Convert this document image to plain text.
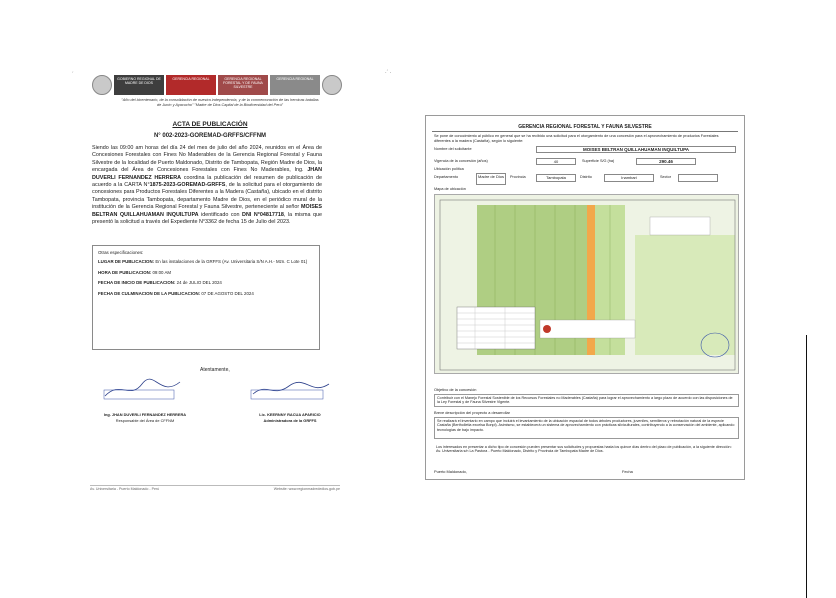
´
GOBIERNO REGIONAL DE MADRE DE DIOS
GERENCIA REGIONAL	GERENCIA REGIONAL FORESTAL Y DE FAUNA SILVESTRE
GERENCIA REGIONAL
"Año del bicentenario, de la consolidación de nuestra independencia, y de la conmemoración de las heroicas batallas de Junín y Ayacucho" "Madre de Dios Capital de la Biodiversidad del Perú"
ACTA DE PUBLICACIÓN
N° 002-2023-GOREMAD-GRFFS/CFFNM
Siendo las 09:00 am horas del día 24 del mes de julio del año 2024, reunidos en el Área de Concesiones Forestales con Fines No Maderables de la Gerencia Regional Forestal y Fauna Silvestre de la localidad de Puerto Maldonado, Distrito de Tambopata, Región Madre de Dios, la encargada del Área de Concesiones Forestales con Fines No Maderables, Ing. JHAN DUVERLI FERNANDEZ HERRERA coordina la publicación del resumen de publicación de acuerdo a la CARTA N°1875-2023-GOREMAD-GRFFS, de la solicitud para el otorgamiento de concesiones para Productos Forestales Diferentes a la Madera (Castaña), ubicado en el distrito Tambopata, provincia Tambopata, departamento Madre de Dios, en el periódico mural de la institución de la Gerencia Regional Forestal y Fauna Silvestre, perteneciente al señor MOISES BELTRAN QUILLAHUAMAN INQUILTUPA identificado con DNI N°04817718, la misma que presentó la solicitud a través del Expediente N°3362 de fecha 15 de Julio del 2023.
Otras especificaciones:
LUGAR DE PUBLICACION: En las instalaciones de la GRFFS (Av. Universitaria S/N A.H.- Mzn. C Lote 01)
HORA DE PUBLICACION: 09:00 AM
FECHA DE INICIO DE PUBLICACION: 24 de JULIO DEL 2024
FECHA DE CULMINACION DE LA PUBLICACION: 07 DE AGOSTO DEL 2024
Atentamente,
Ing. JHAN DUVERLI FERNANDEZ HERRERA
Responsable del Área de CFFNM
Lic. KEERNNY RACUA APARICIO
Administradora de la GRFFS
Av. Universitaria - Puerto Maldonado - Perú	Website: www.regionmadrededios.gob.pe
·´ ·
GERENCIA REGIONAL FORESTAL Y FAUNA SILVESTRE
Se pone de conocimiento al público en general que se ha recibido una solicitud para el otorgamiento de una concesión para el aprovechamiento de productos Forestales diferentes a la madera (Castaña), según lo siguiente:
Nombre del solicitante	MOISES BELTRAN QUILLAHUAMAN INQUILTUPA
Vigencia de la concesión (años)	40	Superficie S/G (ha)	290.46
Ubicación política
Departamento	Madre de Dios	Provincia	Tambopata	Distrito	Inambari	Sector
Mapa de ubicación
Objetivo de la concesión
Contribuir con el Manejo Forestal Sostenible de los Recursos Forestales no Maderables (Castaña) para lograr el aprovechamiento a largo plazo de acuerdo con las disposiciones de la Ley Forestal y de Fauna Silvestre Vigente.
Breve descripción del proyecto a desarrollar
Se realizará el inventario en campo que incluirá el levantamiento de la ubicación espacial de todos árboles productores, juveniles, semilleros y rebrotación natural de la especie Castaña (Bertholletia excelsa Bonpl). Asimismo, se establecerá un sistema de aprovechamiento con prácticas silviculturales, contribuyendo a la conservación del ambiente, aplicando tecnologías de bajo impacto.
Los interesados en presentar a dicho tipo de concesión pueden presentar sus solicitudes y propuestas hasta los quince días dentro del plazo de publicación, a la siguiente dirección: Av. Universitaria s/n La Pastora - Puerto Maldonado, Distrito y Provincia de Tambopata Madre de Dios.
Puerto Maldonado,	Fecha
